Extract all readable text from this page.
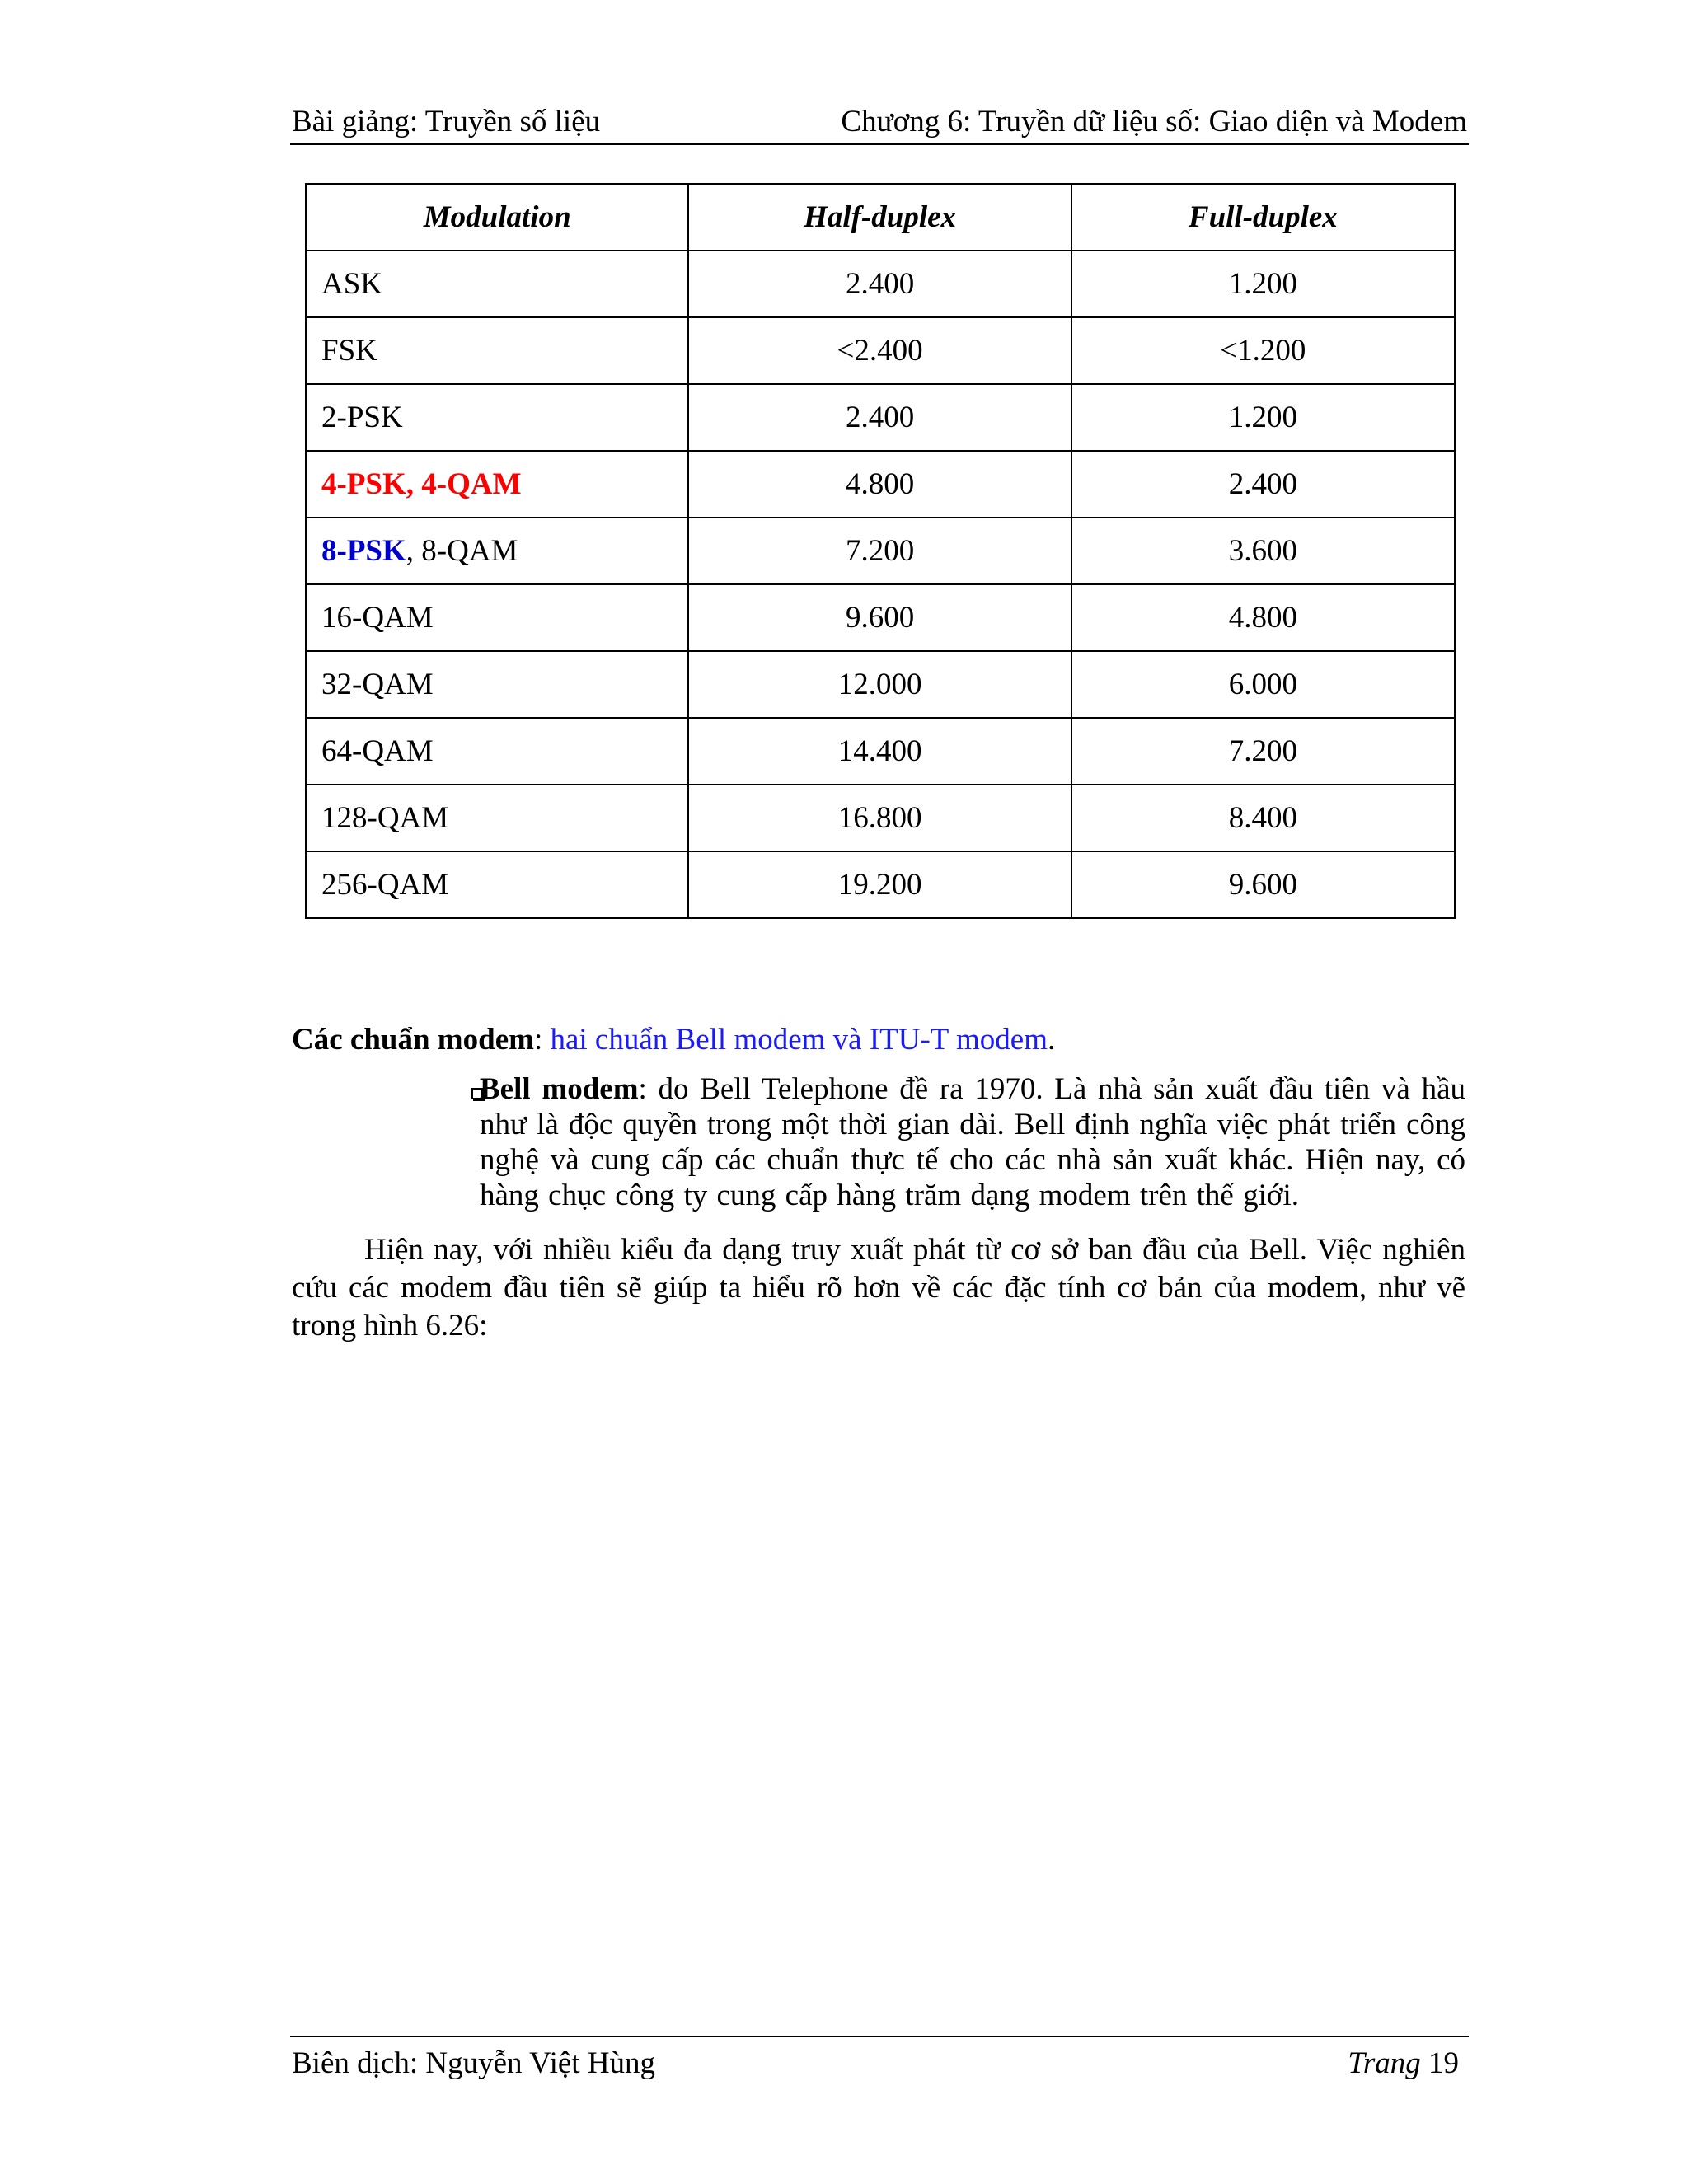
Bài giảng: Truyền số liệu	Chương 6: Truyền dữ liệu số: Giao diện và Modem
Modulation	Half-duplex	Full-duplex
ASK	2.400	1.200
FSK	<2.400	<1.200
2-PSK	2.400	1.200
4-PSK, 4-QAM	4.800	2.400
8-PSK, 8-QAM	7.200	3.600
16-QAM	9.600	4.800
32-QAM	12.000	6.000
64-QAM	14.400	7.200
128-QAM	16.800	8.400
256-QAM	19.200	9.600
Các chuẩn modem: hai chuẩn Bell modem và ITU-T modem.
Bell modem: do Bell Telephone đề ra 1970. Là nhà sản xuất đầu tiên và hầu
như là độc quyền trong một thời gian dài. Bell định nghĩa việc phát triển công
nghệ và cung cấp các chuẩn thực tế cho các nhà sản xuất khác. Hiện nay, có
hàng chục công ty cung cấp hàng trăm dạng modem trên thế giới.
Hiện nay, với nhiều kiểu đa dạng truy xuất phát từ cơ sở ban đầu của Bell. Việc nghiên
cứu các modem đầu tiên sẽ giúp ta hiểu rõ hơn về các đặc tính cơ bản của modem, như vẽ
trong hình 6.26:
Biên dịch: Nguyễn Việt Hùng	Trang 19
